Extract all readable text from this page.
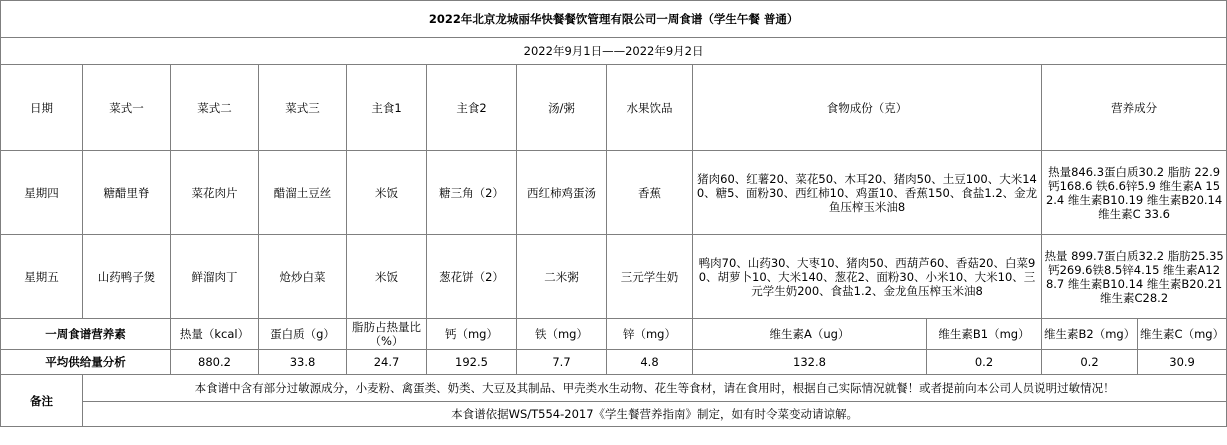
2022年北京龙城丽华快餐餐饮管理有限公司一周食谱（学生午餐 普通）											
2022年9月1日——2022年9月2日											
日期	菜式一	菜式二	菜式三	主食1	主食2	汤/粥	水果饮品	食物成份（克）		营养成分	
星期四	糖醋里脊	菜花肉片	醋溜土豆丝	米饭	糖三角（2）	西红柿鸡蛋汤	香蕉	猪肉60、红薯20、菜花50、木耳20、猪肉50、土豆100、大米140、糖5、面粉30、西红柿10、鸡蛋10、香蕉150、食盐1.2、金龙鱼压榨玉米油8		热量846.3蛋白质30.2 脂肪 22.9钙168.6 铁6.6锌5.9 维生素A 152.4 维生素B10.19 维生素B20.14维生素C 33.6	
星期五	山药鸭子煲	鲜溜肉丁	炝炒白菜	米饭	葱花饼（2）	二米粥	三元学生奶	鸭肉70、山药30、大枣10、猪肉50、西葫芦60、香菇20、白菜90、胡萝卜10、大米140、葱花2、面粉30、小米10、大米10、三元学生奶200、食盐1.2、金龙鱼压榨玉米油8		热量 899.7蛋白质32.2 脂肪25.35钙269.6铁8.5锌4.15 维生素A128.7 维生素B10.14 维生素B20.21 维生素C28.2	
一周食谱营养素		热量（kcal）	蛋白质（g）	脂肪占热量比（%）	钙（mg）	铁（mg）	锌（mg）	维生素A（ug）	维生素B1（mg）	维生素B2（mg）	维生素C（mg）
平均供给量分析		880.2	33.8	24.7	192.5	7.7	4.8	132.8	0.2	0.2	30.9
备注	本食谱中含有部分过敏源成分，小麦粉、禽蛋类、奶类、大豆及其制品、甲壳类水生动物、花生等食材，请在食用时，根据自己实际情况就餐！或者提前向本公司人员说明过敏情况！										
	本食谱依据WS/T554-2017《学生餐营养指南》制定，如有时令菜变动请谅解。										
